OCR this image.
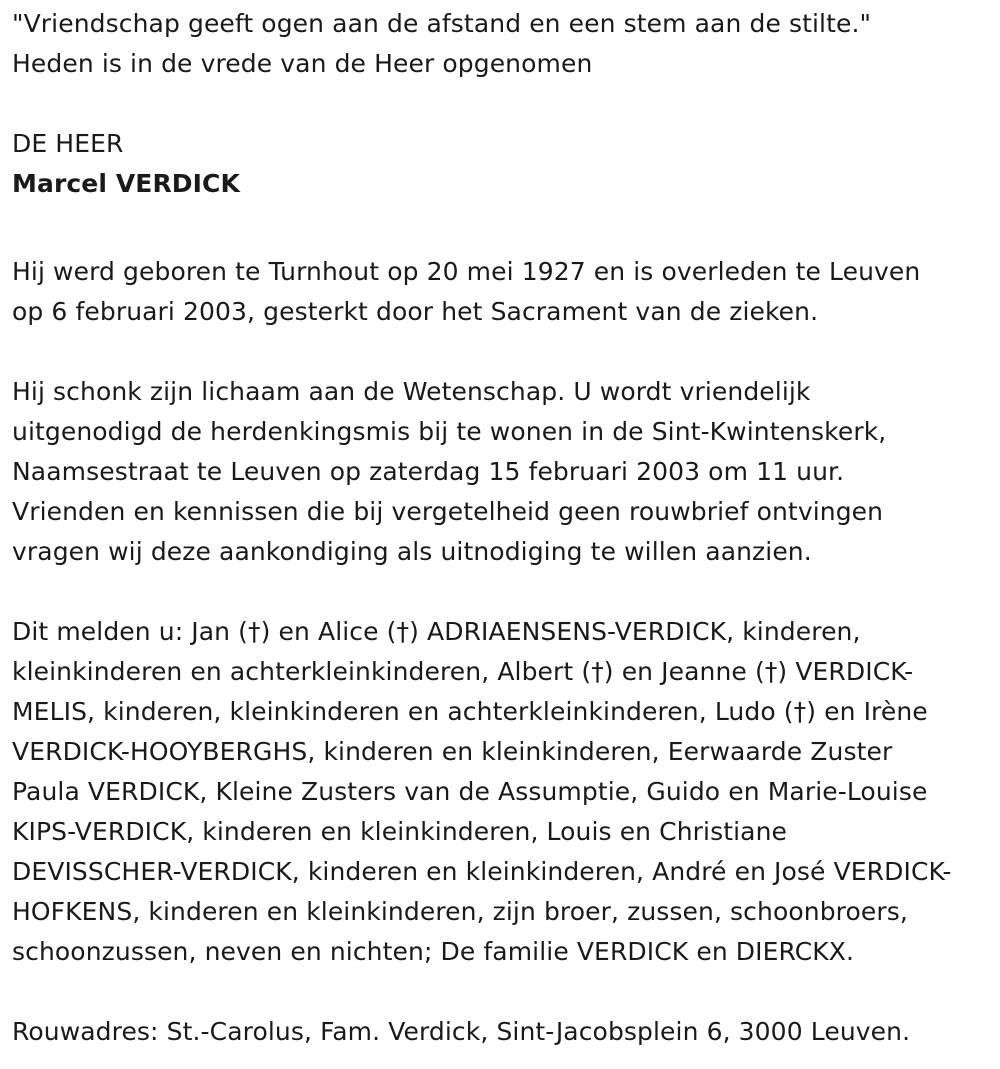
"Vriendschap geeft ogen aan de afstand en een stem aan de stilte."
Heden is in de vrede van de Heer opgenomen
DE HEER
Marcel VERDICK
Hij werd geboren te Turnhout op 20 mei 1927 en is overleden te Leuven
op 6 februari 2003, gesterkt door het Sacrament van de zieken.
Hij schonk zijn lichaam aan de Wetenschap. U wordt vriendelijk
uitgenodigd de herdenkingsmis bij te wonen in de Sint-Kwintenskerk,
Naamsestraat te Leuven op zaterdag 15 februari 2003 om 11 uur.
Vrienden en kennissen die bij vergetelheid geen rouwbrief ontvingen
vragen wij deze aankondiging als uitnodiging te willen aanzien.
Dit melden u: Jan (†) en Alice (†) ADRIAENSENS-VERDICK, kinderen,
kleinkinderen en achterkleinkinderen, Albert (†) en Jeanne (†) VERDICK-
MELIS, kinderen, kleinkinderen en achterkleinkinderen, Ludo (†) en Irène
VERDICK-HOOYBERGHS, kinderen en kleinkinderen, Eerwaarde Zuster
Paula VERDICK, Kleine Zusters van de Assumptie, Guido en Marie-Louise
KIPS-VERDICK, kinderen en kleinkinderen, Louis en Christiane
DEVISSCHER-VERDICK, kinderen en kleinkinderen, André en José VERDICK-
HOFKENS, kinderen en kleinkinderen, zijn broer, zussen, schoonbroers,
schoonzussen, neven en nichten; De familie VERDICK en DIERCKX.
Rouwadres: St.-Carolus, Fam. Verdick, Sint-Jacobsplein 6, 3000 Leuven.
